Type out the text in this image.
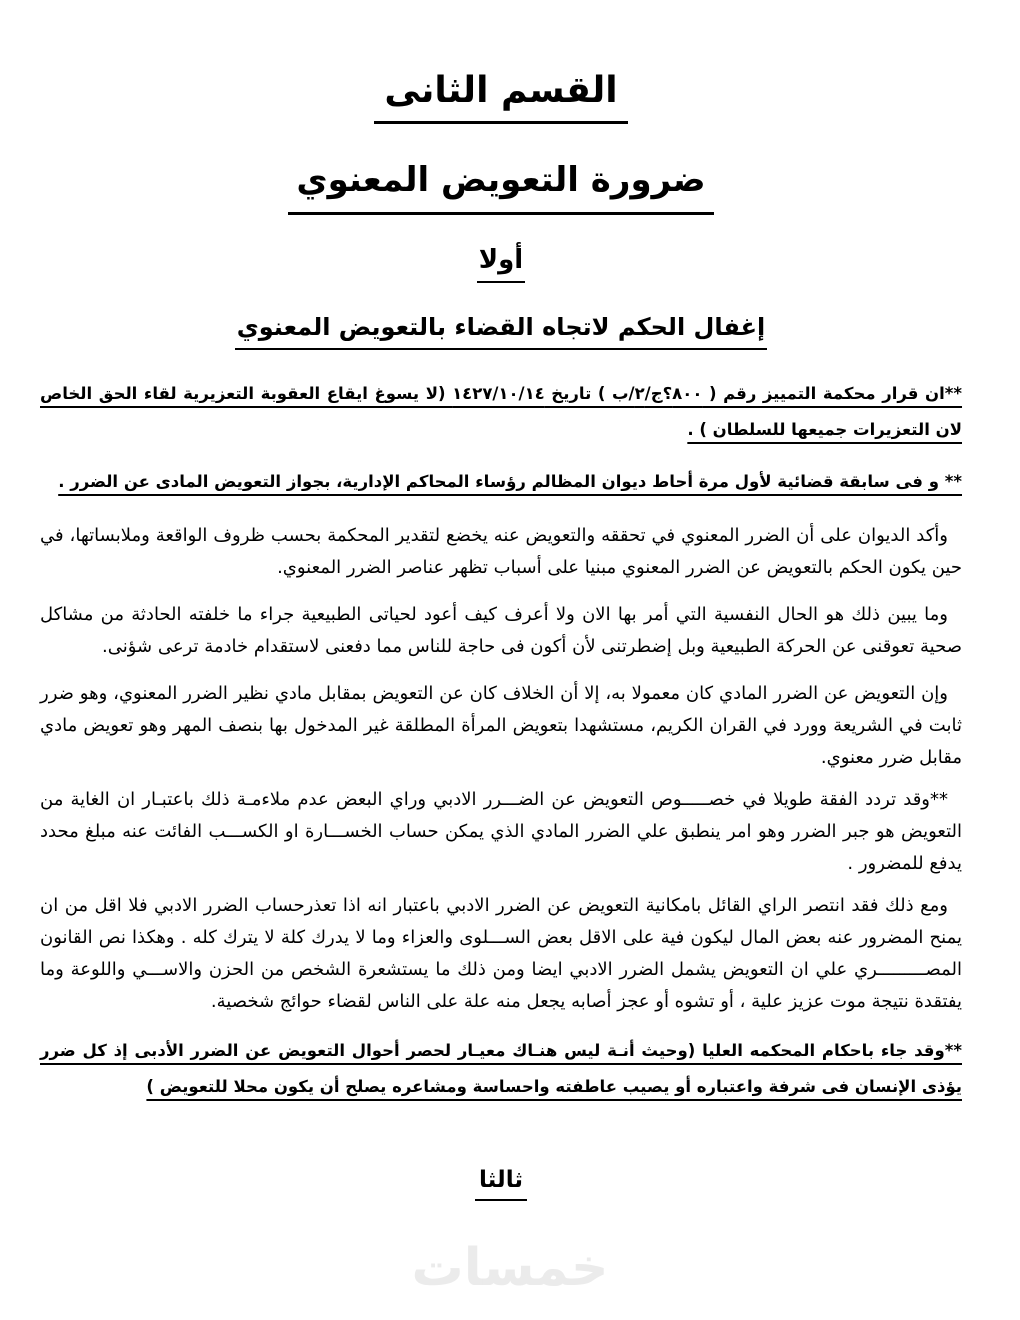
القسم الثانى
ضرورة التعويض المعنوي
أولا
إغفال الحكم لاتجاه القضاء بالتعويض المعنوي

**ان قرار محكمة التمييز رقم ( ٨٠٠؟ج/٢/ب ) تاريخ ١٤٢٧/١٠/١٤ (لا يسوغ ايقاع العقوبة التعزيرية لقاء الحق الخاص لان التعزيرات جميعها للسلطان ) .

** و فى سابقة قضائية لأول مرة أحاط ديوان المظالم رؤساء المحاكم الإدارية، بجواز التعويض المادى عن الضرر .

وأكد الديوان على أن الضرر المعنوي في تحققه والتعويض عنه يخضع لتقدير المحكمة بحسب ظروف الواقعة وملابساتها، في حين يكون الحكم بالتعويض عن الضرر المعنوي مبنيا على أسباب تظهر عناصر الضرر المعنوي.

وما يبين ذلك هو الحال النفسية التي أمر بها الان ولا أعرف كيف أعود لحياتى الطبيعية جراء ما خلفته الحادثة من مشاكل صحية تعوقنى عن الحركة الطبيعية وبل إضطرتنى لأن أكون فى حاجة للناس مما دفعنى لاستقدام خادمة ترعى شؤنى.

وإن التعويض عن الضرر المادي كان معمولا به، إلا أن الخلاف كان عن التعويض بمقابل مادي نظير الضرر المعنوي، وهو ضرر ثابت في الشريعة وورد في القران الكريم، مستشهدا بتعويض المرأة المطلقة غير المدخول بها بنصف المهر وهو تعويض مادي مقابل ضرر معنوي.

**وقد تردد الفقة طويلا في خصـــــوص التعويض عن الضـــرر الادبي وراي البعض عدم ملاءمـة ذلك باعتبـار ان الغاية من التعويض هو جبر الضرر وهو امر ينطبق علي الضرر المادي الذي يمكن حساب الخســـارة او الكســـب الفائت عنه مبلغ محدد يدفع للمضرور .

ومع ذلك فقد انتصر الراي القائل بامكانية التعويض عن الضرر الادبي باعتبار انه اذا تعذرحساب الضرر الادبي فلا اقل من ان يمنح المضرور عنه بعض المال ليكون فية على الاقل بعض الســـلوى والعزاء وما لا يدرك كلة لا يترك كله . وهكذا نص القانون المصـــــــــري علي ان التعويض يشمل الضرر الادبي ايضا ومن ذلك ما يستشعرة الشخص من الحزن والاســـي واللوعة وما يفتقدة نتيجة موت عزيز علية ، أو تشوه أو عجز أصابه يجعل منه علة على الناس لقضاء حوائج شخصية.

**وقد جاء باحكام المحكمه العليا (وحيث أنـة ليس هنـاك معيـار لحصر أحوال التعويض عن الضرر الأدبى إذ كل ضرر يؤذى الإنسان فى شرفة واعتباره أو يصيب عاطفته واحساسة ومشاعره يصلح أن يكون محلا للتعويض )

ثالثا
خمسات
